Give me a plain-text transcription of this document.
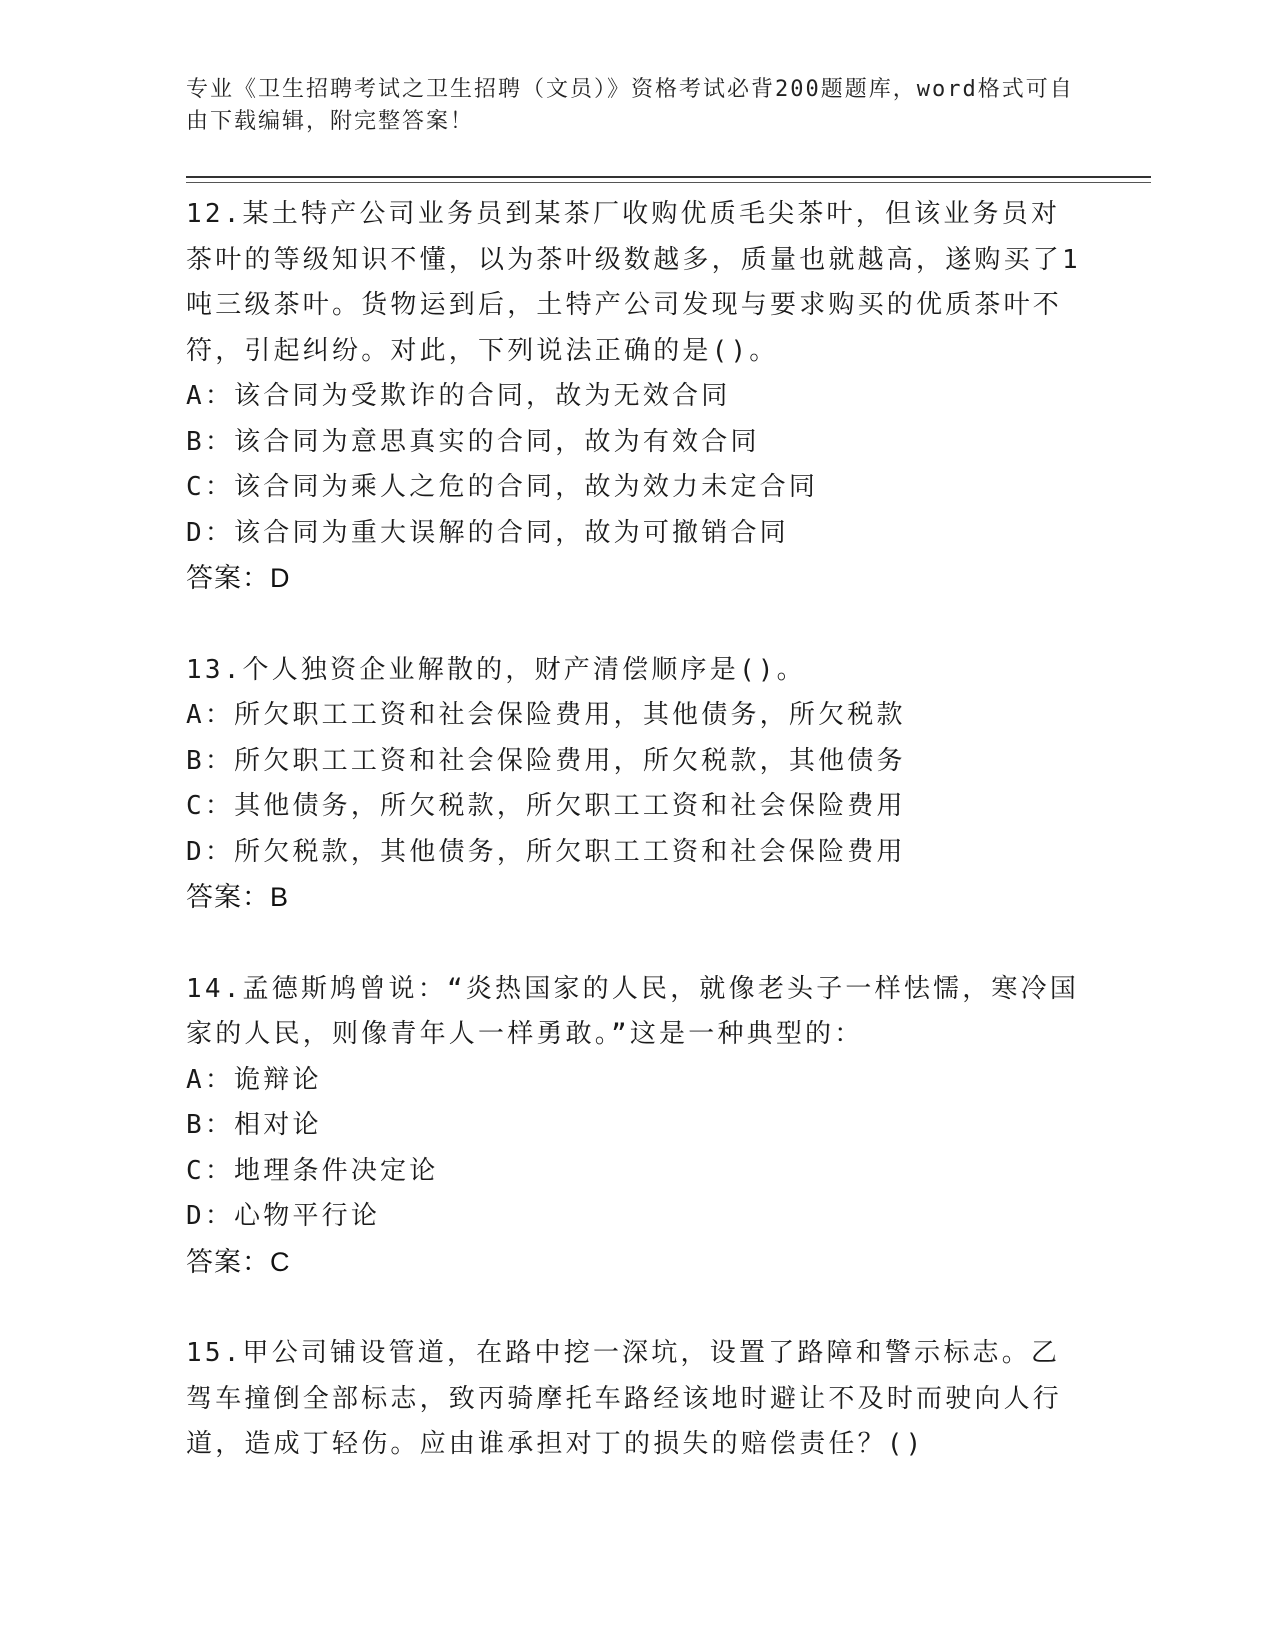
专业《卫生招聘考试之卫生招聘（文员）》资格考试必背200题题库，word格式可自由下载编辑，附完整答案！

12.某土特产公司业务员到某茶厂收购优质毛尖茶叶，但该业务员对茶叶的等级知识不懂，以为茶叶级数越多，质量也就越高，遂购买了1吨三级茶叶。货物运到后，土特产公司发现与要求购买的优质茶叶不符，引起纠纷。对此，下列说法正确的是()。

A：该合同为受欺诈的合同，故为无效合同

B：该合同为意思真实的合同，故为有效合同

C：该合同为乘人之危的合同，故为效力未定合同

D：该合同为重大误解的合同，故为可撤销合同

答案：D

13.个人独资企业解散的，财产清偿顺序是()。

A：所欠职工工资和社会保险费用，其他债务，所欠税款

B：所欠职工工资和社会保险费用，所欠税款，其他债务

C：其他债务，所欠税款，所欠职工工资和社会保险费用

D：所欠税款，其他债务，所欠职工工资和社会保险费用

答案：B

14.孟德斯鸠曾说：“炎热国家的人民，就像老头子一样怯懦，寒冷国家的人民，则像青年人一样勇敢。”这是一种典型的：

A：诡辩论

B：相对论

C：地理条件决定论

D：心物平行论

答案：C

15.甲公司铺设管道，在路中挖一深坑，设置了路障和警示标志。乙驾车撞倒全部标志，致丙骑摩托车路经该地时避让不及时而驶向人行道，造成丁轻伤。应由谁承担对丁的损失的赔偿责任？()
